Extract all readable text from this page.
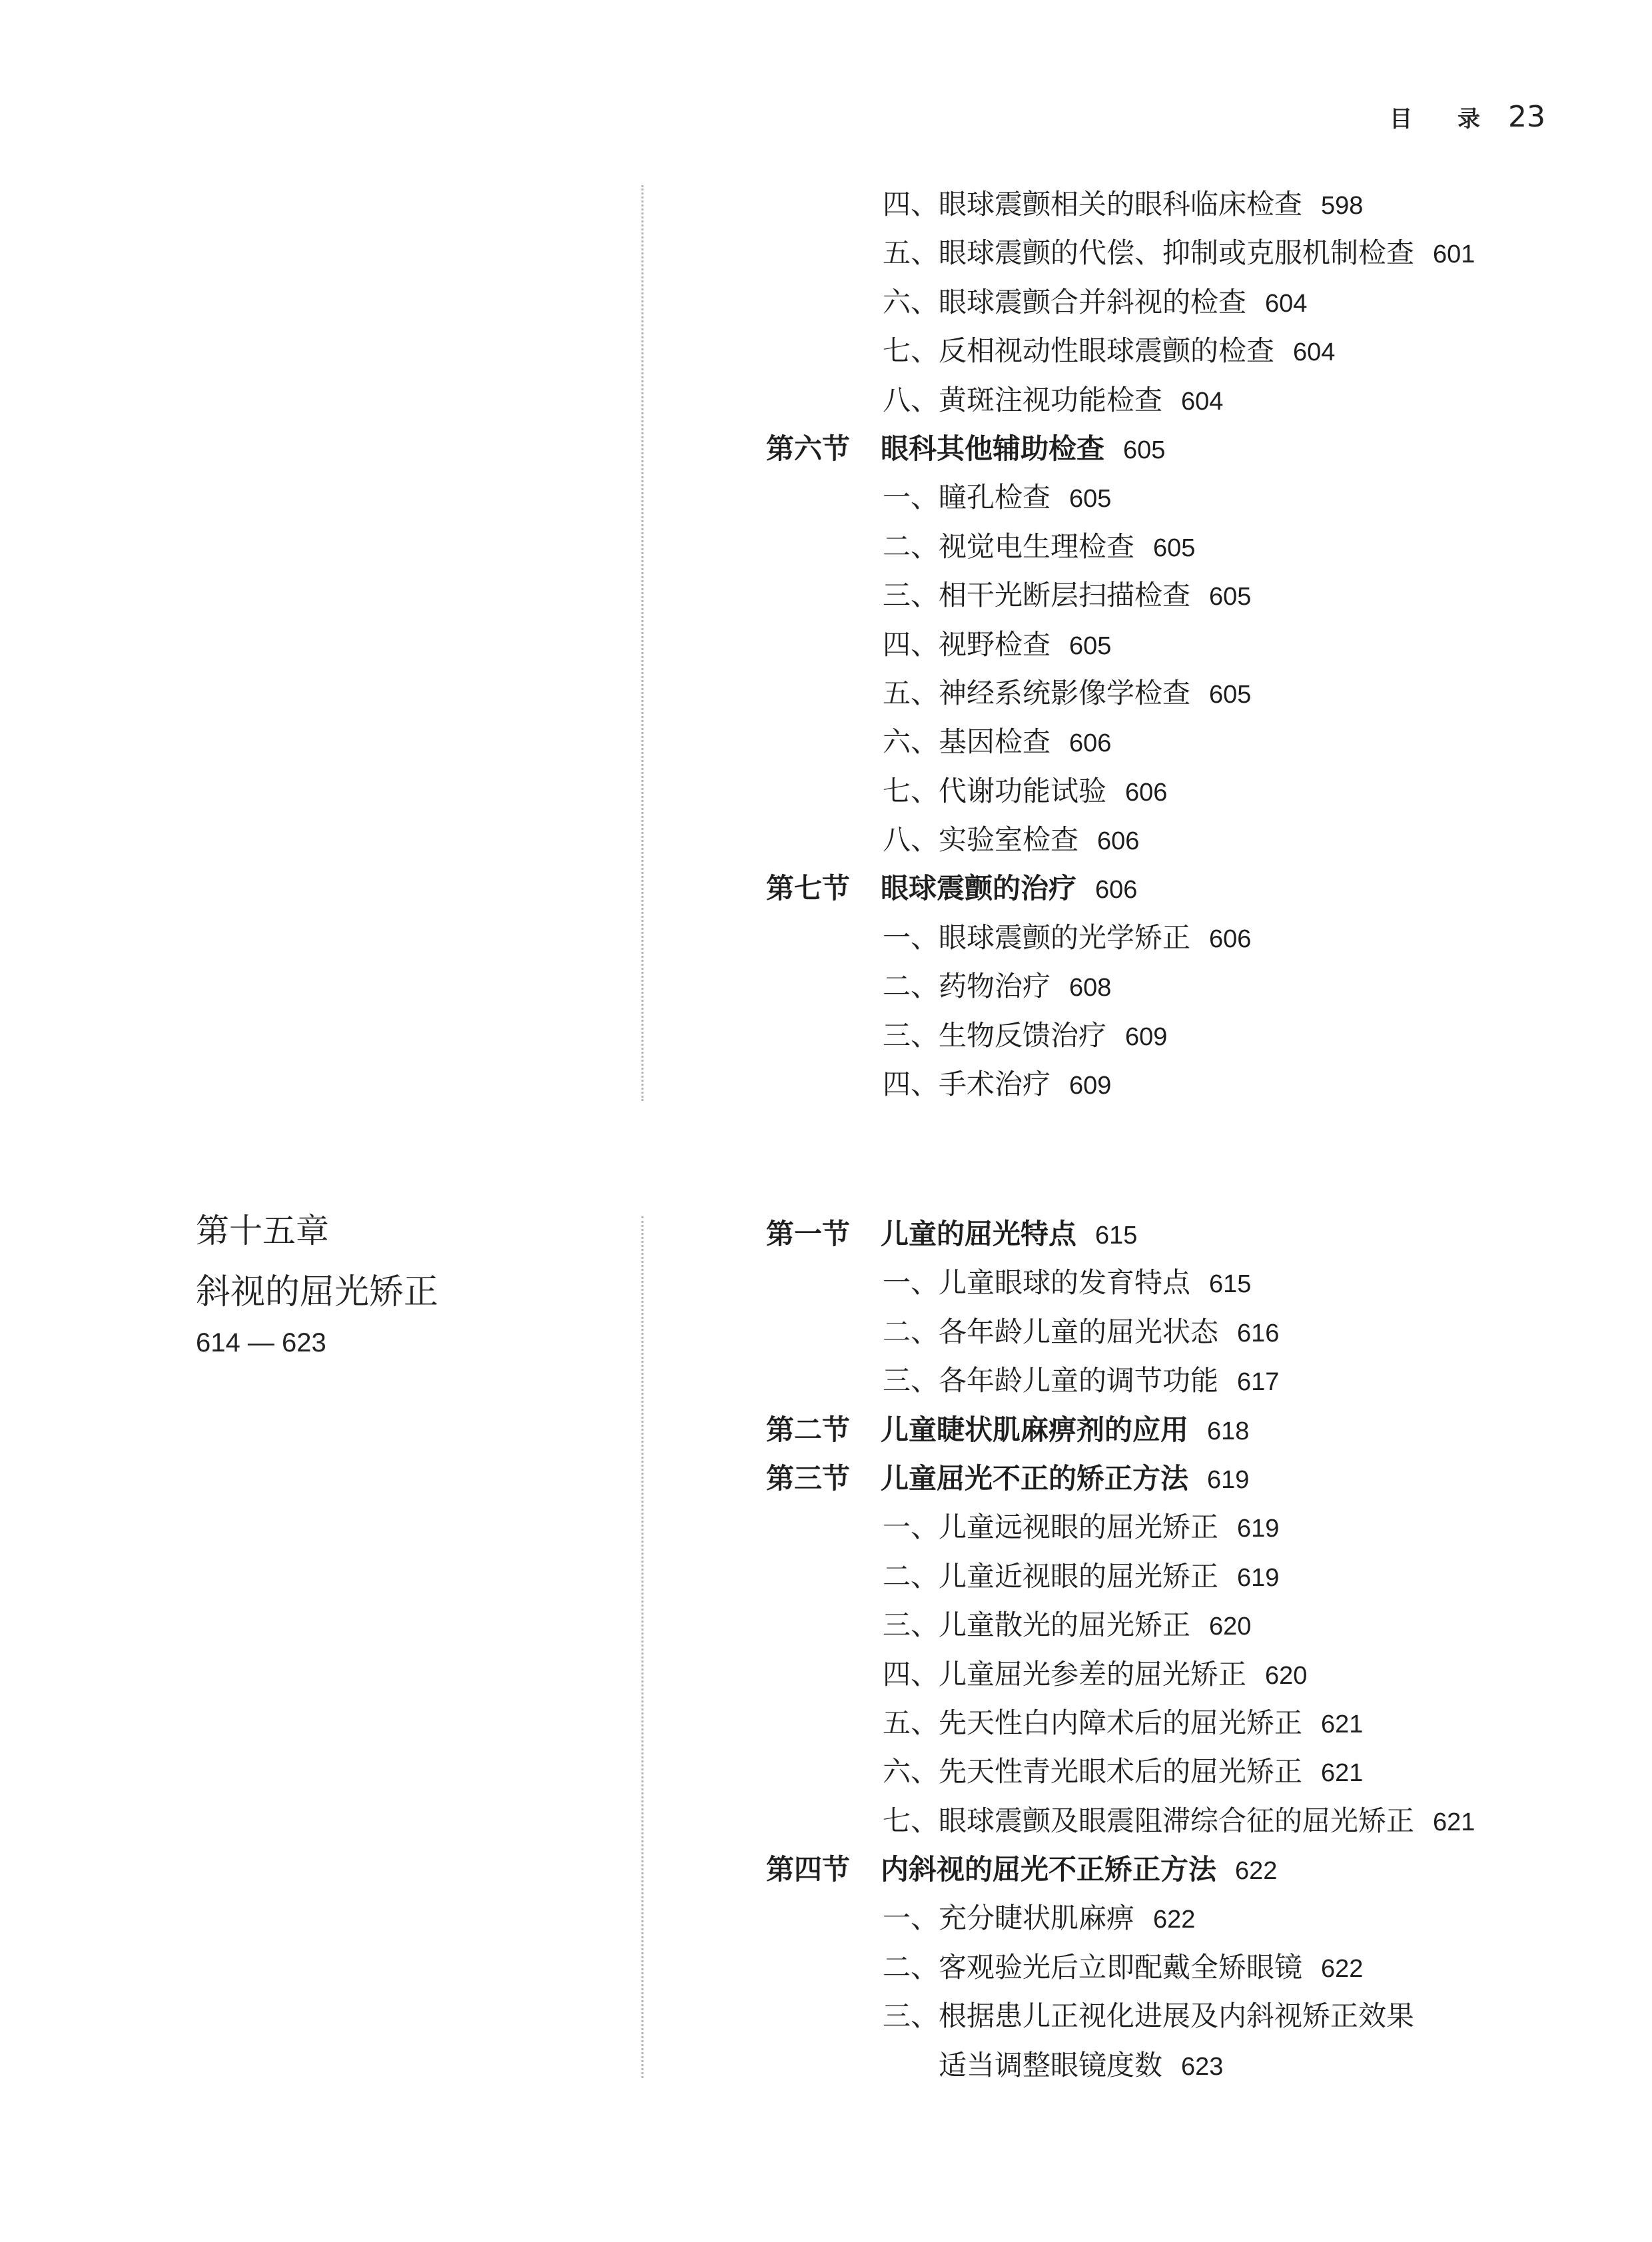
目 录 23
四、眼球震颤相关的眼科临床检查 598
五、眼球震颤的代偿、抑制或克服机制检查 601
六、眼球震颤合并斜视的检查 604
七、反相视动性眼球震颤的检查 604
八、黄斑注视功能检查 604
第六节 眼科其他辅助检查 605
一、瞳孔检查 605
二、视觉电生理检查 605
三、相干光断层扫描检查 605
四、视野检查 605
五、神经系统影像学检查 605
六、基因检查 606
七、代谢功能试验 606
八、实验室检查 606
第七节 眼球震颤的治疗 606
一、眼球震颤的光学矫正 606
二、药物治疗 608
三、生物反馈治疗 609
四、手术治疗 609
第十五章
斜视的屈光矫正
614 — 623
第一节 儿童的屈光特点 615
一、儿童眼球的发育特点 615
二、各年龄儿童的屈光状态 616
三、各年龄儿童的调节功能 617
第二节 儿童睫状肌麻痹剂的应用 618
第三节 儿童屈光不正的矫正方法 619
一、儿童远视眼的屈光矫正 619
二、儿童近视眼的屈光矫正 619
三、儿童散光的屈光矫正 620
四、儿童屈光参差的屈光矫正 620
五、先天性白内障术后的屈光矫正 621
六、先天性青光眼术后的屈光矫正 621
七、眼球震颤及眼震阻滞综合征的屈光矫正 621
第四节 内斜视的屈光不正矫正方法 622
一、充分睫状肌麻痹 622
二、客观验光后立即配戴全矫眼镜 622
三、根据患儿正视化进展及内斜视矫正效果
适当调整眼镜度数 623
